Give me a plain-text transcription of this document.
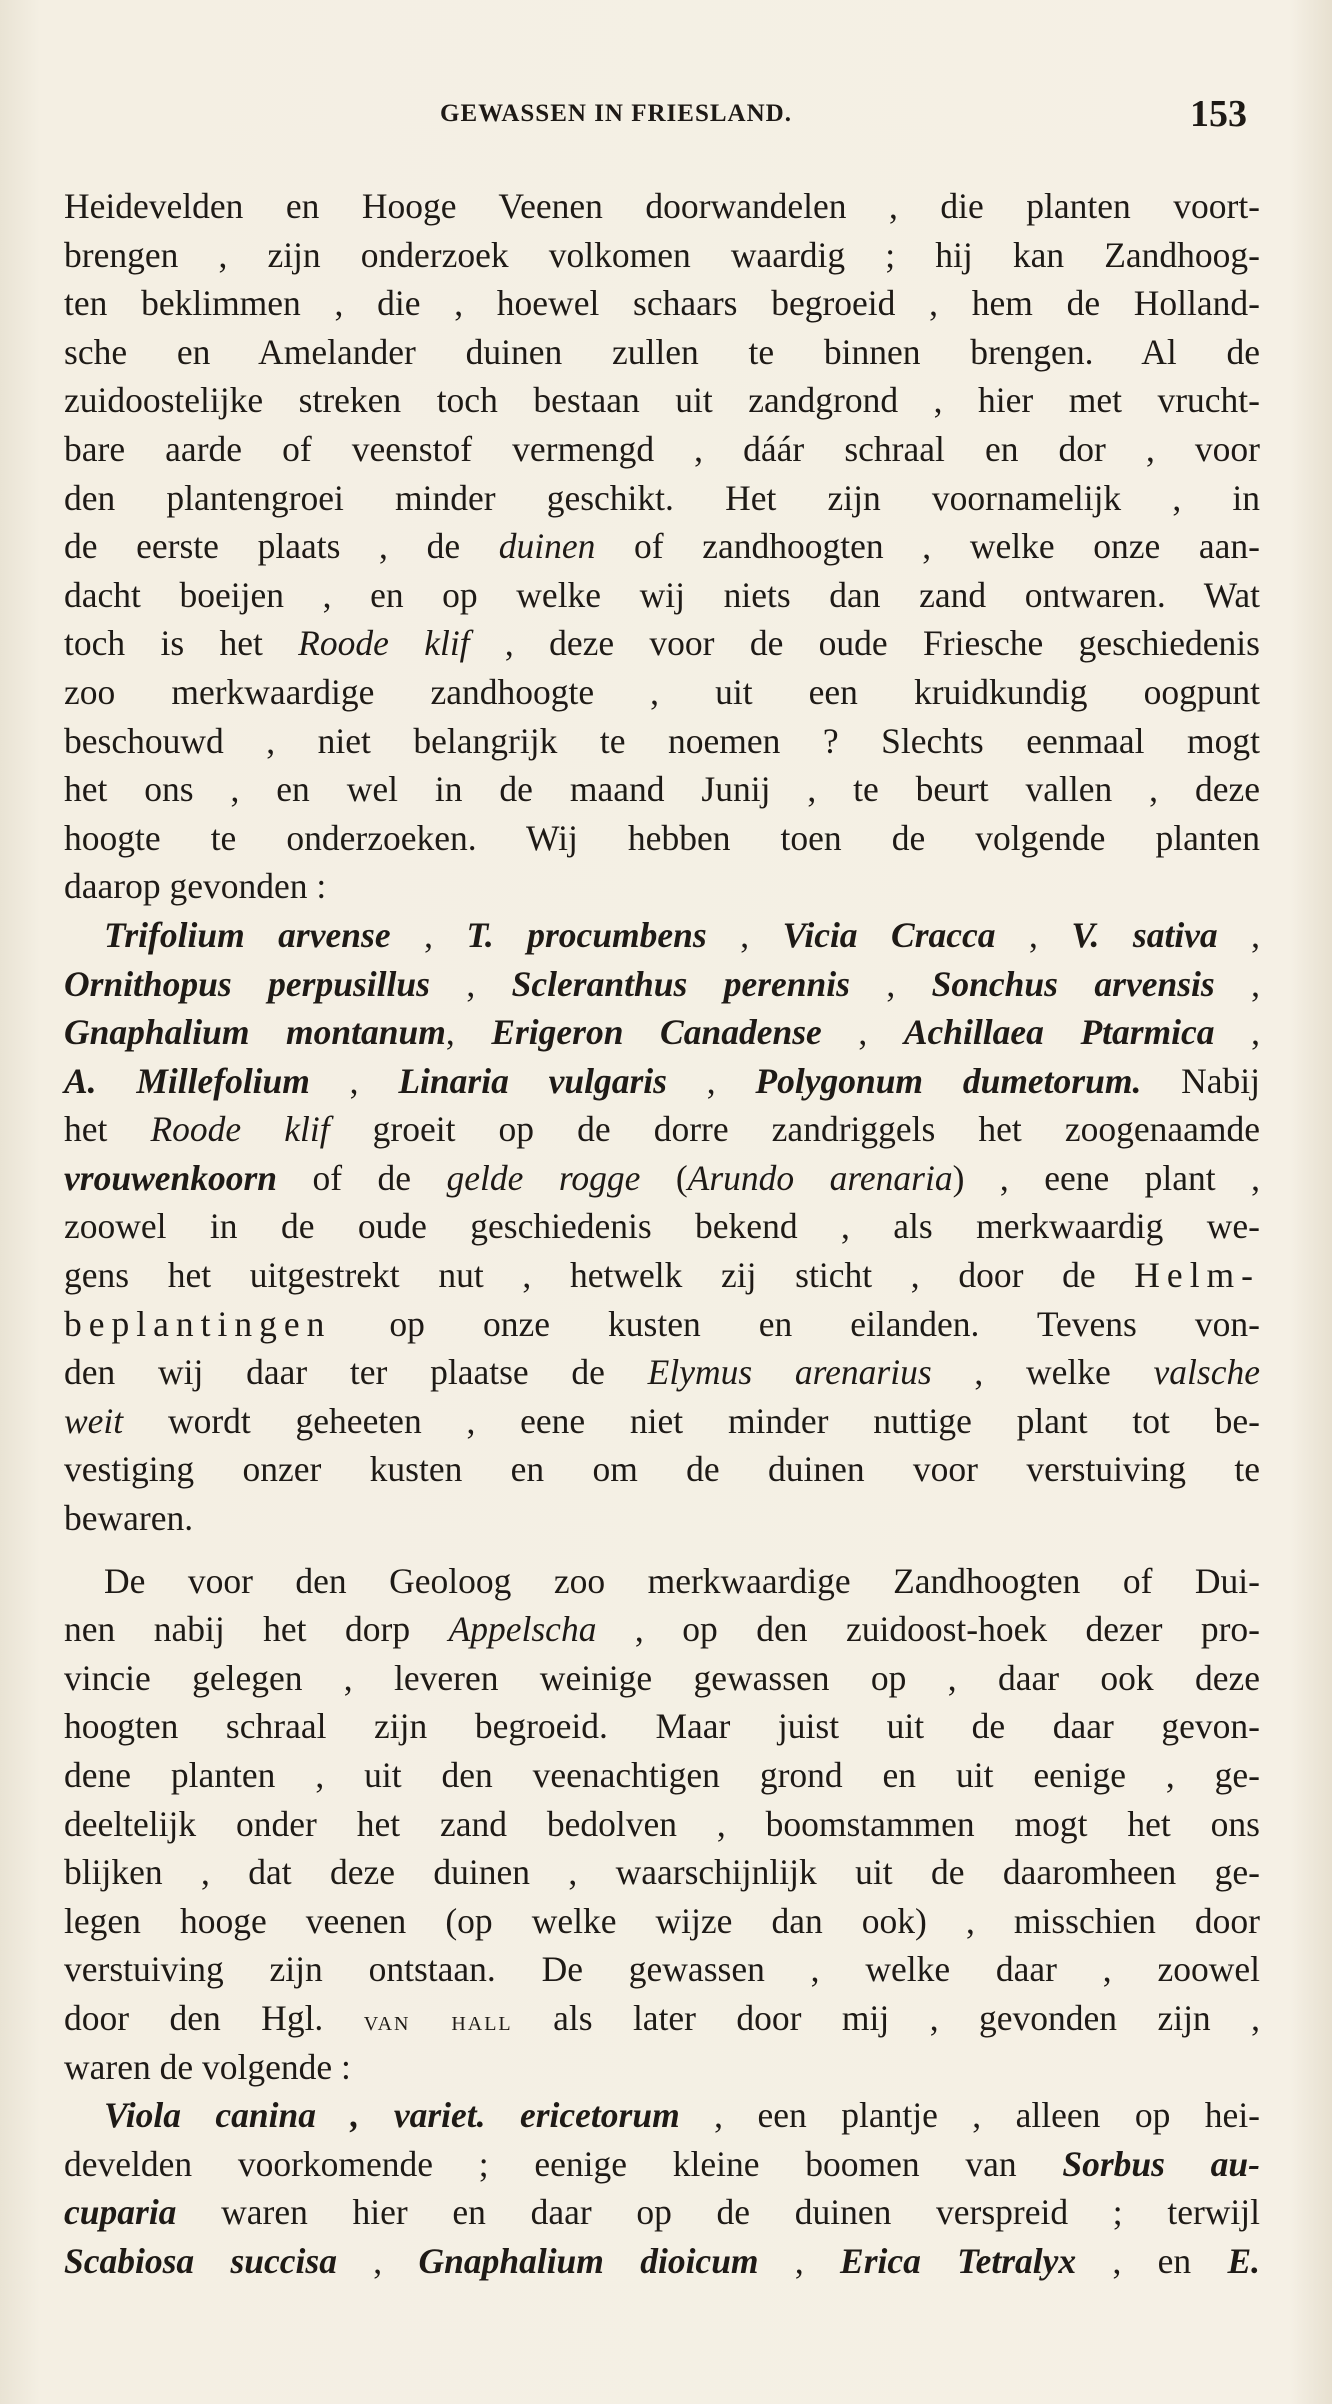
GEWASSEN IN FRIESLAND.	153
Heidevelden en Hooge Veenen doorwandelen , die planten voort-
brengen , zijn onderzoek volkomen waardig ; hij kan Zandhoog-
ten beklimmen , die , hoewel schaars begroeid , hem de Holland-
sche en Amelander duinen zullen te binnen brengen. Al de
zuidoostelijke streken toch bestaan uit zandgrond , hier met vrucht-
bare aarde of veenstof vermengd , dáár schraal en dor , voor
den plantengroei minder geschikt. Het zijn voornamelijk , in
de eerste plaats , de duinen of zandhoogten , welke onze aan-
dacht boeijen , en op welke wij niets dan zand ontwaren. Wat
toch is het Roode klif , deze voor de oude Friesche geschiedenis
zoo merkwaardige zandhoogte , uit een kruidkundig oogpunt
beschouwd , niet belangrijk te noemen ? Slechts eenmaal mogt
het ons , en wel in de maand Junij , te beurt vallen , deze
hoogte te onderzoeken. Wij hebben toen de volgende planten
daarop gevonden :
Trifolium arvense , T. procumbens , Vicia Cracca , V. sativa ,
Ornithopus perpusillus , Scleranthus perennis , Sonchus arvensis ,
Gnaphalium montanum, Erigeron Canadense , Achillaea Ptarmica ,
A. Millefolium , Linaria vulgaris , Polygonum dumetorum. Nabij
het Roode klif groeit op de dorre zandriggels het zoogenaamde
vrouwenkoorn of de gelde rogge (Arundo arenaria) , eene plant ,
zoowel in de oude geschiedenis bekend , als merkwaardig we-
gens het uitgestrekt nut , hetwelk zij sticht , door de Helm-
beplantingen op onze kusten en eilanden. Tevens von-
den wij daar ter plaatse de Elymus arenarius , welke valsche
weit wordt geheeten , eene niet minder nuttige plant tot be-
vestiging onzer kusten en om de duinen voor verstuiving te
bewaren.
De voor den Geoloog zoo merkwaardige Zandhoogten of Dui-
nen nabij het dorp Appelscha , op den zuidoost-hoek dezer pro-
vincie gelegen , leveren weinige gewassen op , daar ook deze
hoogten schraal zijn begroeid. Maar juist uit de daar gevon-
dene planten , uit den veenachtigen grond en uit eenige , ge-
deeltelijk onder het zand bedolven , boomstammen mogt het ons
blijken , dat deze duinen , waarschijnlijk uit de daaromheen ge-
legen hooge veenen (op welke wijze dan ook) , misschien door
verstuiving zijn ontstaan. De gewassen , welke daar , zoowel
door den Hgl. van hall als later door mij , gevonden zijn ,
waren de volgende :
Viola canina , variet. ericetorum , een plantje , alleen op hei-
develden voorkomende ; eenige kleine boomen van Sorbus au-
cuparia waren hier en daar op de duinen verspreid ; terwijl
Scabiosa succisa , Gnaphalium dioicum , Erica Tetralyx , en E.
